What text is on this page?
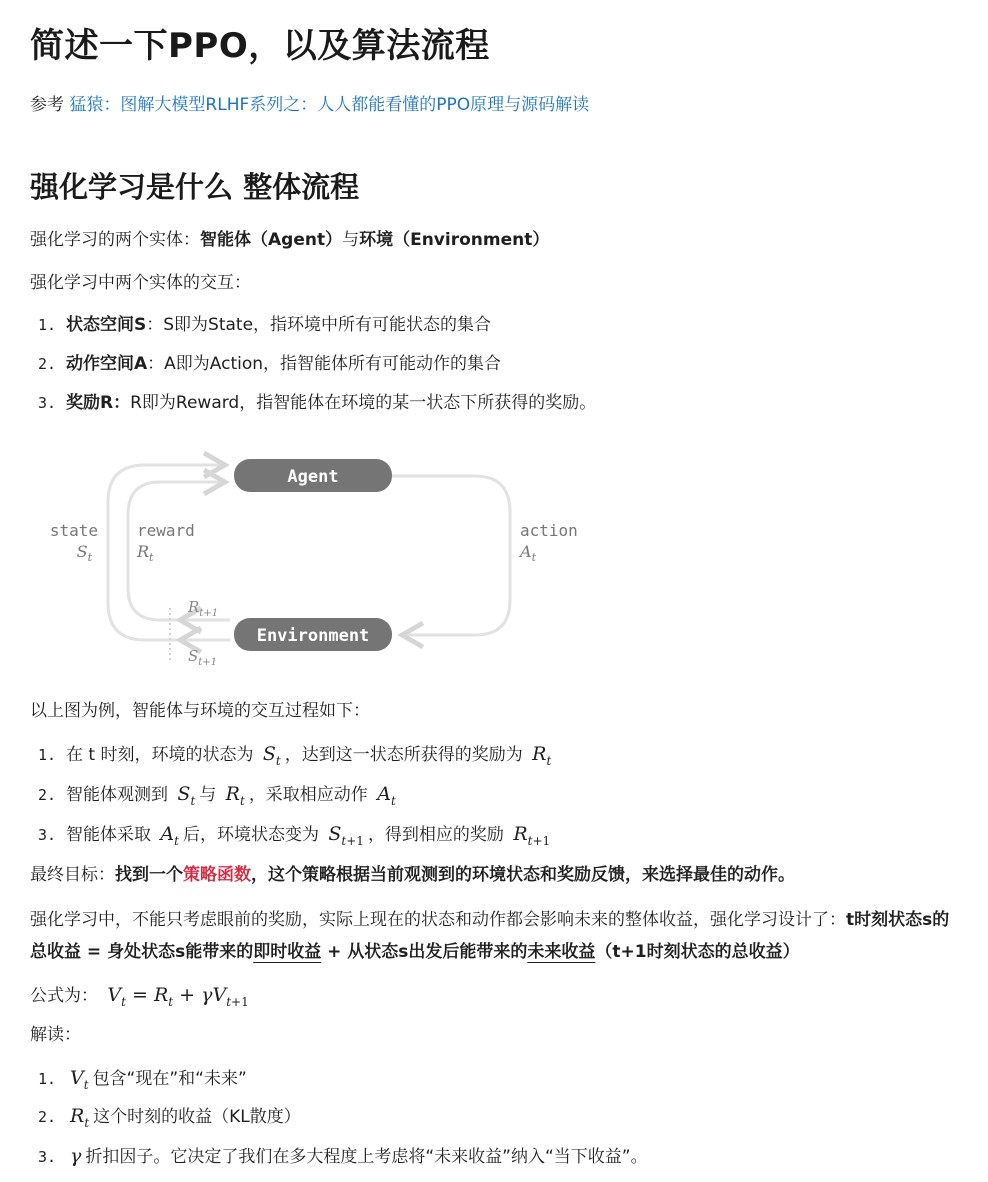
简述一下PPO，以及算法流程
参考 猛猿：图解大模型RLHF系列之：人人都能看懂的PPO原理与源码解读
强化学习是什么 整体流程
强化学习的两个实体：智能体（Agent）与环境（Environment）
强化学习中两个实体的交互：
1. 状态空间S：S即为State，指环境中所有可能状态的集合
2. 动作空间A：A即为Action，指智能体所有可能动作的集合
3. 奖励R：R即为Reward，指智能体在环境的某一状态下所获得的奖励。
Agent
Environment
state
$S_t$
reward
$R_t$
action
$A_t$
$R_{t+1}$
$S_{t+1}$
以上图为例，智能体与环境的交互过程如下：
1. 在 t 时刻，环境的状态为 $S_t$ ，达到这一状态所获得的奖励为 $R_t$
2. 智能体观测到 $S_t$ 与 $R_t$ ，采取相应动作 $A_t$
3. 智能体采取 $A_t$ 后，环境状态变为 $S_{t+1}$ ，得到相应的奖励 $R_{t+1}$
最终目标：找到一个策略函数，这个策略根据当前观测到的环境状态和奖励反馈，来选择最佳的动作。
强化学习中，不能只考虑眼前的奖励，实际上现在的状态和动作都会影响未来的整体收益，强化学习设计了：t时刻状态s的总收益 = 身处状态s能带来的即时收益 + 从状态s出发后能带来的未来收益（t+1时刻状态的总收益）
公式为： $V_t = R_t + \gamma V_{t+1}$
解读：
1. $V_t$ 包含“现在”和“未来”
2. $R_t$ 这个时刻的收益（KL散度）
3. γ 折扣因子。它决定了我们在多大程度上考虑将“未来收益”纳入“当下收益”。
